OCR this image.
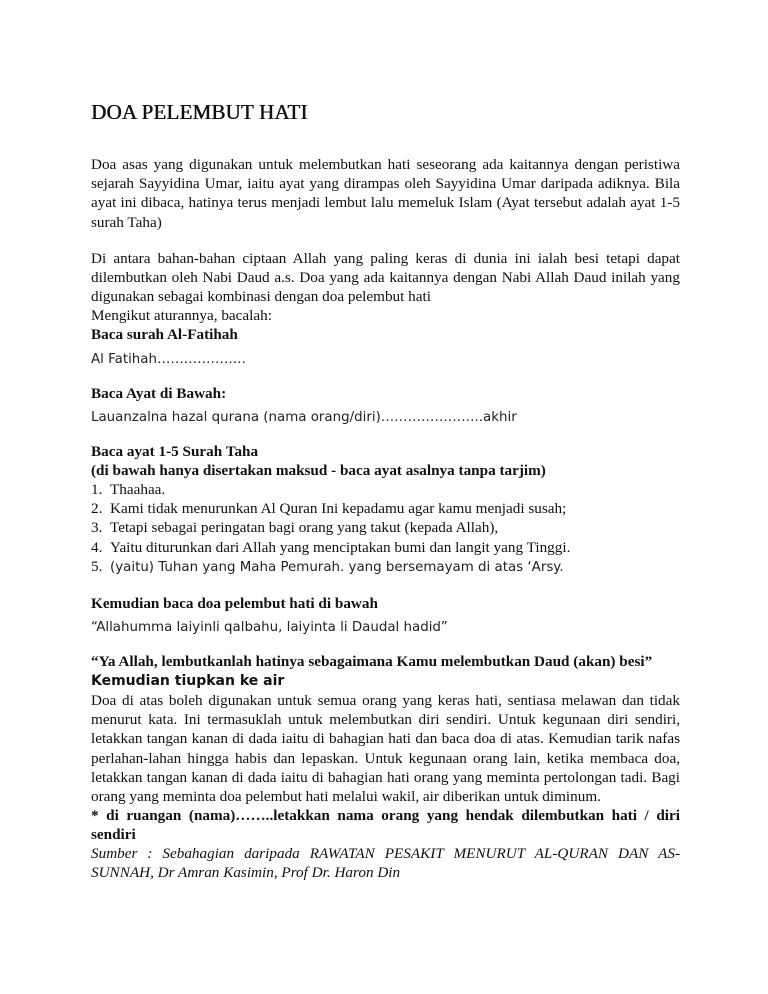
DOA PELEMBUT HATI

Doa asas yang digunakan untuk melembutkan hati seseorang ada kaitannya dengan peristiwa sejarah Sayyidina Umar, iaitu ayat yang dirampas oleh Sayyidina Umar daripada adiknya. Bila ayat ini dibaca, hatinya terus menjadi lembut lalu memeluk Islam (Ayat tersebut adalah ayat 1-5 surah Taha)

Di antara bahan-bahan ciptaan Allah yang paling keras di dunia ini ialah besi tetapi dapat dilembutkan oleh Nabi Daud a.s. Doa yang ada kaitannya dengan Nabi Allah Daud inilah yang digunakan sebagai kombinasi dengan doa pelembut hati

Mengikut aturannya, bacalah:
Baca surah Al-Fatihah
Al Fatihah………………..
Baca Ayat di Bawah:
Lauanzalna hazal qurana (nama orang/diri)…………………..akhir
Baca ayat 1-5 Surah Taha
(di bawah hanya disertakan maksud - baca ayat asalnya tanpa tarjim)
1. Thaahaa.
2. Kami tidak menurunkan Al Quran Ini kepadamu agar kamu menjadi susah;
3. Tetapi sebagai peringatan bagi orang yang takut (kepada Allah),
4. Yaitu diturunkan dari Allah yang menciptakan bumi dan langit yang Tinggi.
5. (yaitu) Tuhan yang Maha Pemurah. yang bersemayam di atas ‘Arsy.
Kemudian baca doa pelembut hati di bawah
“Allahumma laiyinli qalbahu, laiyinta li Daudal hadid”
“Ya Allah, lembutkanlah hatinya sebagaimana Kamu melembutkan Daud (akan) besi”
Kemudian tiupkan ke air

Doa di atas boleh digunakan untuk semua orang yang keras hati, sentiasa melawan dan tidak menurut kata. Ini termasuklah untuk melembutkan diri sendiri. Untuk kegunaan diri sendiri, letakkan tangan kanan di dada iaitu di bahagian hati dan baca doa di atas. Kemudian tarik nafas perlahan-lahan hingga habis dan lepaskan. Untuk kegunaan orang lain, ketika membaca doa, letakkan tangan kanan di dada iaitu di bahagian hati orang yang meminta pertolongan tadi. Bagi orang yang meminta doa pelembut hati melalui wakil, air diberikan untuk diminum.

* di ruangan (nama)……..letakkan nama orang yang hendak dilembutkan hati / diri
sendiri

Sumber : Sebahagian daripada RAWATAN PESAKIT MENURUT AL-QURAN DAN AS-SUNNAH, Dr Amran Kasimin, Prof Dr. Haron Din
